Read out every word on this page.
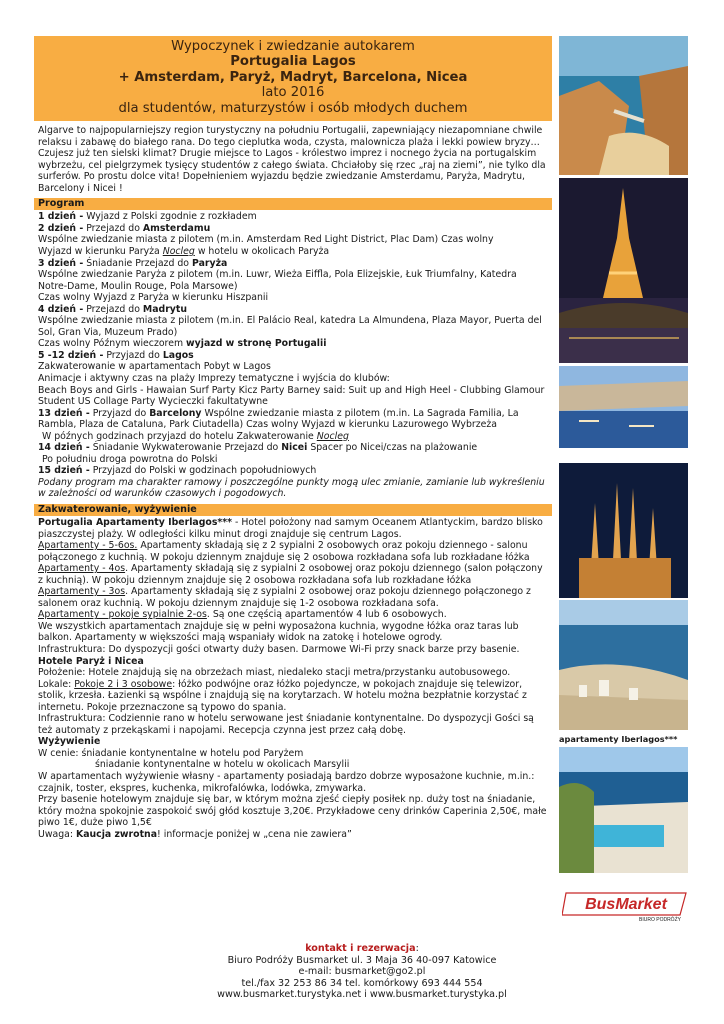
Wypoczynek i zwiedzanie autokarem
Portugalia Lagos
+ Amsterdam, Paryż, Madryt, Barcelona, Nicea
lato 2016
dla studentów, maturzystów i osób młodych duchem
Algarve to najpopularniejszy region turystyczny na południu Portugalii, zapewniający niezapomniane chwile relaksu i zabawę do białego rana. Do tego cieplutka woda, czysta, malownicza plaża i lekki powiew bryzy… Czujesz już ten sielski klimat? Drugie miejsce to Lagos - królestwo imprez i nocnego życia na portugalskim wybrzeżu, cel pielgrzymek tysięcy studentów z całego świata. Chciałoby się rzec „raj na ziemi”, nie tylko dla surferów. Po prostu dolce vita! Dopełnieniem wyjazdu będzie zwiedzanie Amsterdamu, Paryża, Madrytu, Barcelony i Nicei !
Program

1 dzień - Wyjazd z Polski zgodnie z rozkładem

2 dzień - Przejazd do Amsterdamu

Wspólne zwiedzanie miasta z pilotem (m.in. Amsterdam Red Light District, Plac Dam) Czas wolny

Wyjazd w kierunku Paryża Nocleg w hotelu w okolicach Paryża

3 dzień - Śniadanie Przejazd do Paryża

Wspólne zwiedzanie Paryża z pilotem (m.in. Luwr, Wieża Eiffla, Pola Elizejskie, Łuk Triumfalny, Katedra Notre-Dame, Moulin Rouge, Pola Marsowe)

Czas wolny Wyjazd z Paryża w kierunku Hiszpanii

4 dzień - Przejazd do Madrytu

Wspólne zwiedzanie miasta z pilotem (m.in. El Palácio Real, katedra La Almundena, Plaza Mayor, Puerta del Sol, Gran Via, Muzeum Prado)

Czas wolny Późnym wieczorem wyjazd w stronę Portugalii

5 -12 dzień - Przyjazd do Lagos

Zakwaterowanie w apartamentach Pobyt w Lagos

Animacje i aktywny czas na plaży Imprezy tematyczne i wyjścia do klubów:

Beach Boys and Girls - Hawaian Surf Party Kicz Party Barney said: Suit up and High Heel - Clubbing Glamour Student US Collage Party Wycieczki fakultatywne

13 dzień - Przyjazd do Barcelony Wspólne zwiedzanie miasta z pilotem (m.in. La Sagrada Familia, La Rambla, Plaza de Cataluna, Park Ciutadella) Czas wolny Wyjazd w kierunku Lazurowego Wybrzeża

W późnych godzinach przyjazd do hotelu Zakwaterowanie Nocleg

14 dzień - Śniadanie Wykwaterowanie Przejazd do Nicei Spacer po Nicei/czas na plażowanie

Po południu droga powrotna do Polski

15 dzień - Przyjazd do Polski w godzinach popołudniowych

Podany program ma charakter ramowy i poszczególne punkty mogą ulec zmianie, zamianie lub wykreśleniu w zależności od warunków czasowych i pogodowych.

Zakwaterowanie, wyżywienie

Portugalia Apartamenty Iberlagos*** - Hotel położony nad samym Oceanem Atlantyckim, bardzo blisko piaszczystej plaży. W odległości kilku minut drogi znajduje się centrum Lagos.

Apartamenty - 5-6os. Apartamenty składają się z 2 sypialni 2 osobowych oraz pokoju dziennego - salonu połączonego z kuchnią. W pokoju dziennym znajduje się 2 osobowa rozkładana sofa lub rozkładane łóżka

Apartamenty - 4os. Apartamenty składają się z sypialni 2 osobowej oraz pokoju dziennego (salon połączony z kuchnią). W pokoju dziennym znajduje się 2 osobowa rozkładana sofa lub rozkładane łóżka

Apartamenty - 3os. Apartamenty składają się z sypialni 2 osobowej oraz pokoju dziennego połączonego z salonem oraz kuchnią. W pokoju dziennym znajduje się 1-2 osobowa rozkładana sofa.

Apartamenty - pokoje sypialnie 2-os. Są one częścią apartamentów 4 lub 6 osobowych.

We wszystkich apartamentach znajduje się w pełni wyposażona kuchnia, wygodne łóżka oraz taras lub balkon. Apartamenty w większości mają wspaniały widok na zatokę i hotelowe ogrody.

Infrastruktura: Do dyspozycji gości otwarty duży basen. Darmowe Wi-Fi przy snack barze przy basenie.

Hotele Paryż i Nicea

Położenie: Hotele znajdują się na obrzeżach miast, niedaleko stacji metra/przystanku autobusowego.

Lokale: Pokoje 2 i 3 osobowe: łóżko podwójne oraz łóżko pojedyncze, w pokojach znajduje się telewizor, stolik, krzesła. Łazienki są wspólne i znajdują się na korytarzach. W hotelu można bezpłatnie korzystać z internetu. Pokoje przeznaczone są typowo do spania.

Infrastruktura: Codziennie rano w hotelu serwowane jest śniadanie kontynentalne. Do dyspozycji Gości są też automaty z przekąskami i napojami. Recepcja czynna jest przez całą dobę.

Wyżywienie

W cenie: śniadanie kontynentalne w hotelu pod Paryżem

śniadanie kontynentalne w hotelu w okolicach Marsylii

W apartamentach wyżywienie własny - apartamenty posiadają bardzo dobrze wyposażone kuchnie, m.in.: czajnik, toster, ekspres, kuchenka, mikrofalówka, lodówka, zmywarka.

Przy basenie hotelowym znajduje się bar, w którym można zjeść ciepły posiłek np. duży tost na śniadanie, który można spokojnie zaspokoić swój głód kosztuje 3,20€. Przykładowe ceny drinków Caperinia 2,50€, małe piwo 1€, duże piwo 1,5€

Uwaga: Kaucja zwrotna! informacje poniżej w „cena nie zawiera”

apartamenty Iberlagos***
BusMarket
BIURO PODRÓŻY
kontakt i rezerwacja:
Biuro Podróży Busmarket ul. 3 Maja 36 40-097 Katowice
e-mail: busmarket@go2.pl
tel./fax 32 253 86 34 tel. komórkowy 693 444 554
www.busmarket.turystyka.net i www.busmarket.turystyka.pl
